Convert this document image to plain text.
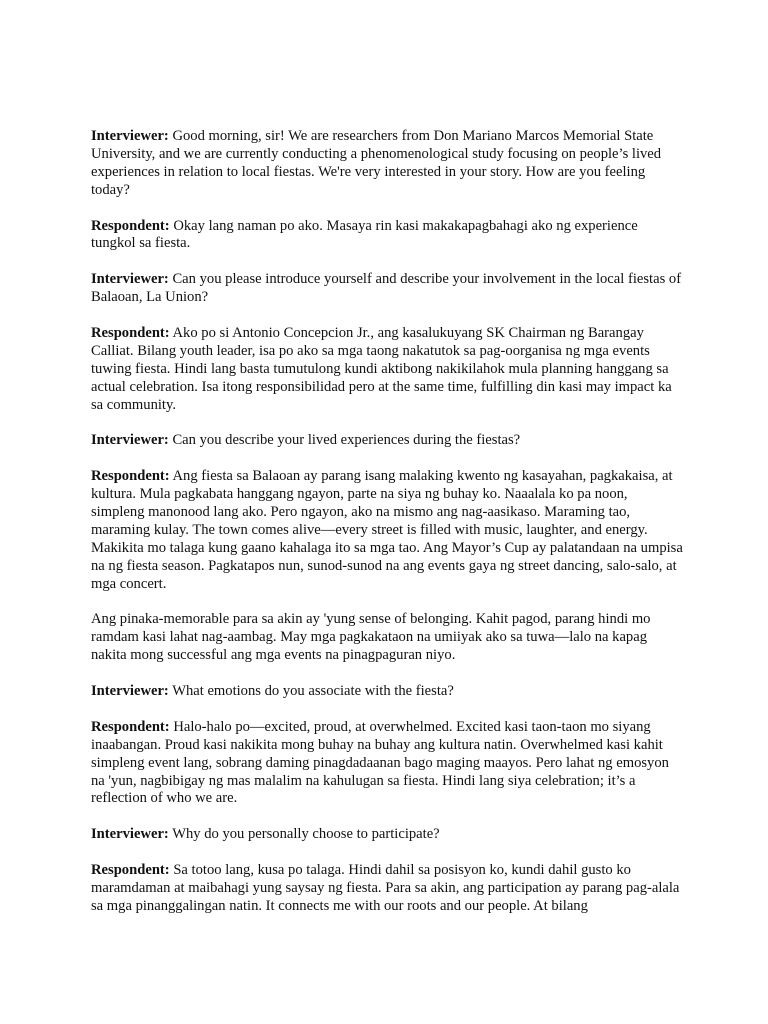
Interviewer: Good morning, sir! We are researchers from Don Mariano Marcos Memorial State University, and we are currently conducting a phenomenological study focusing on people’s lived experiences in relation to local fiestas. We're very interested in your story. How are you feeling today?

Respondent: Okay lang naman po ako. Masaya rin kasi makakapagbahagi ako ng experience tungkol sa fiesta.

Interviewer: Can you please introduce yourself and describe your involvement in the local fiestas of Balaoan, La Union?

Respondent: Ako po si Antonio Concepcion Jr., ang kasalukuyang SK Chairman ng Barangay Calliat. Bilang youth leader, isa po ako sa mga taong nakatutok sa pag-oorganisa ng mga events tuwing fiesta. Hindi lang basta tumutulong kundi aktibong nakikilahok mula planning hanggang sa actual celebration. Isa itong responsibilidad pero at the same time, fulfilling din kasi may impact ka sa community.

Interviewer: Can you describe your lived experiences during the fiestas?

Respondent: Ang fiesta sa Balaoan ay parang isang malaking kwento ng kasayahan, pagkakaisa, at kultura. Mula pagkabata hanggang ngayon, parte na siya ng buhay ko. Naaalala ko pa noon, simpleng manonood lang ako. Pero ngayon, ako na mismo ang nag-aasikaso. Maraming tao, maraming kulay. The town comes alive—every street is filled with music, laughter, and energy. Makikita mo talaga kung gaano kahalaga ito sa mga tao. Ang Mayor’s Cup ay palatandaan na umpisa na ng fiesta season. Pagkatapos nun, sunod-sunod na ang events gaya ng street dancing, salo-salo, at mga concert.

Ang pinaka-memorable para sa akin ay 'yung sense of belonging. Kahit pagod, parang hindi mo ramdam kasi lahat nag-aambag. May mga pagkakataon na umiiyak ako sa tuwa—lalo na kapag nakita mong successful ang mga events na pinagpaguran niyo.

Interviewer: What emotions do you associate with the fiesta?

Respondent: Halo-halo po—excited, proud, at overwhelmed. Excited kasi taon-taon mo siyang inaabangan. Proud kasi nakikita mong buhay na buhay ang kultura natin. Overwhelmed kasi kahit simpleng event lang, sobrang daming pinagdadaanan bago maging maayos. Pero lahat ng emosyon na 'yun, nagbibigay ng mas malalim na kahulugan sa fiesta. Hindi lang siya celebration; it’s a reflection of who we are.

Interviewer: Why do you personally choose to participate?

Respondent: Sa totoo lang, kusa po talaga. Hindi dahil sa posisyon ko, kundi dahil gusto ko maramdaman at maibahagi yung saysay ng fiesta. Para sa akin, ang participation ay parang pag-alala sa mga pinanggalingan natin. It connects me with our roots and our people. At bilang
